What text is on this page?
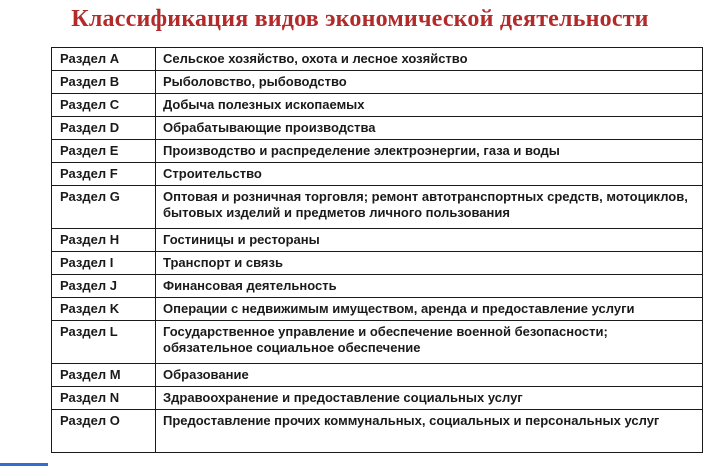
Классификация видов экономической деятельности
Раздел A	Сельское хозяйство, охота и лесное хозяйство
Раздел B	Рыболовство, рыбоводство
Раздел C	Добыча полезных ископаемых
Раздел D	Обрабатывающие производства
Раздел E	Производство и распределение электроэнергии, газа и воды
Раздел F	Строительство
Раздел G	Оптовая и розничная торговля; ремонт автотранспортных средств, мотоциклов, бытовых изделий и предметов личного пользования
Раздел H	Гостиницы и рестораны
Раздел I	Транспорт и связь
Раздел J	Финансовая деятельность
Раздел K	Операции с недвижимым имуществом, аренда и предоставление услуги
Раздел L	Государственное управление и обеспечение военной безопасности; обязательное социальное обеспечение
Раздел M	Образование
Раздел N	Здравоохранение и предоставление социальных услуг
Раздел O	Предоставление прочих коммунальных, социальных и персональных услуг
